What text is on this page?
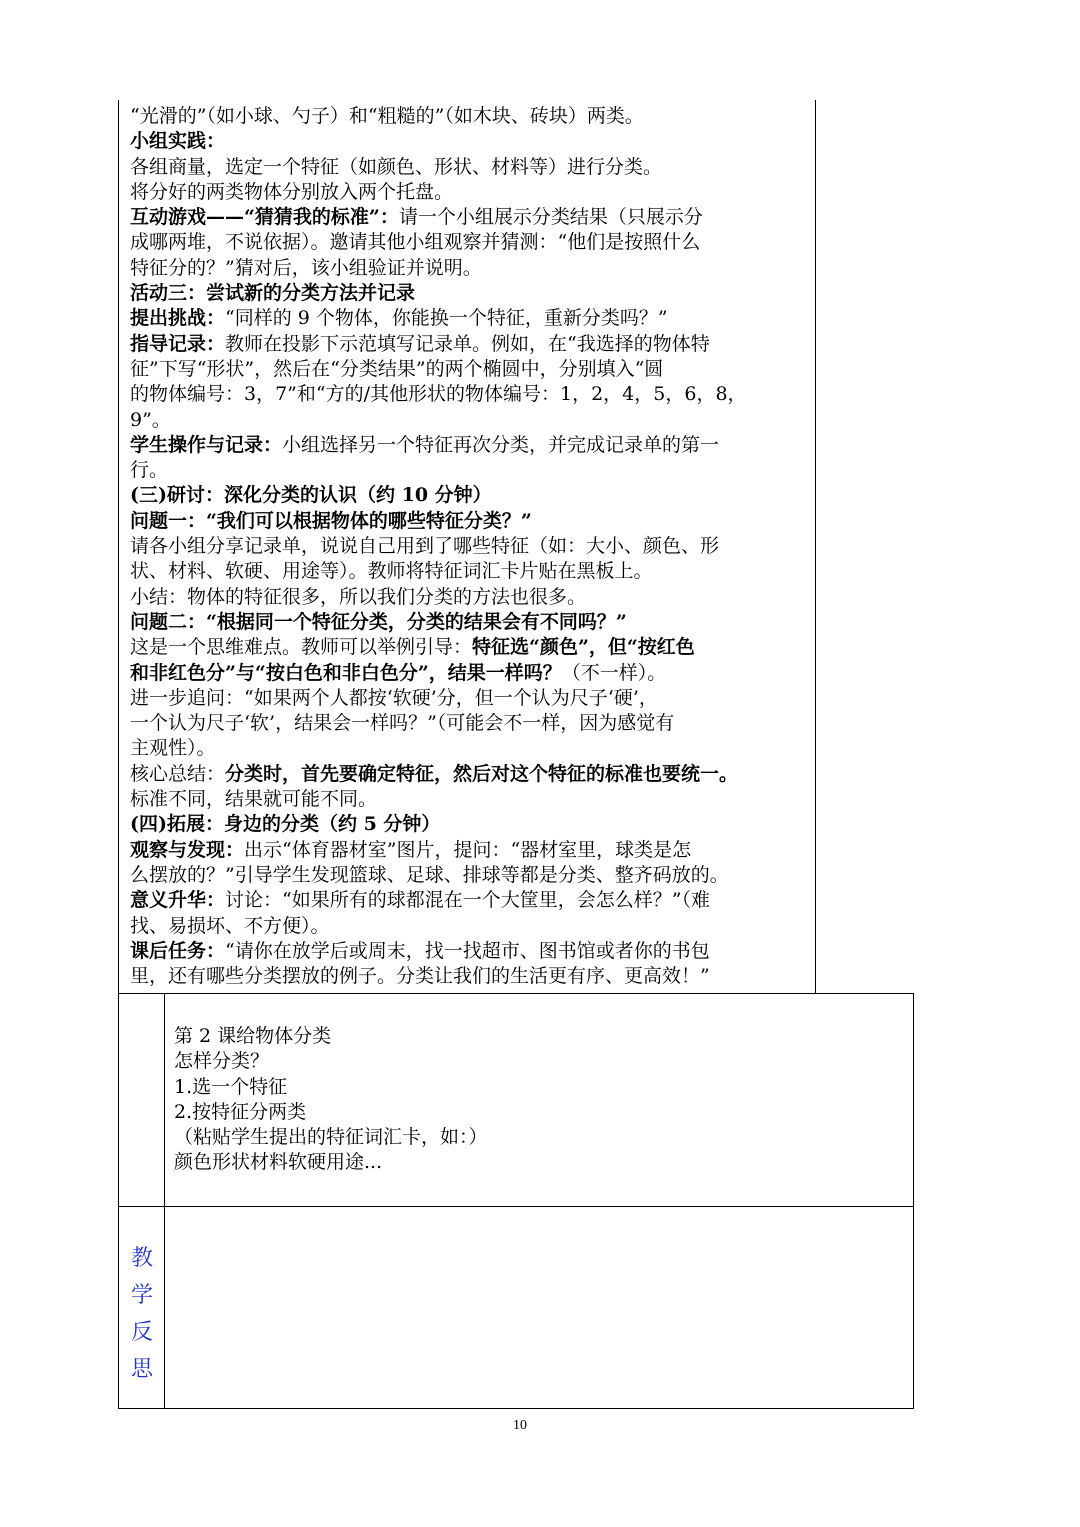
“光滑的”（如小球、勺子）和“粗糙的”（如木块、砖块）两类。
小组实践：
各组商量，选定一个特征（如颜色、形状、材料等）进行分类。
将分好的两类物体分别放入两个托盘。
互动游戏——“猜猜我的标准”：请一个小组展示分类结果（只展示分
成哪两堆，不说依据）。邀请其他小组观察并猜测：“他们是按照什么
特征分的？”猜对后，该小组验证并说明。
活动三：尝试新的分类方法并记录
提出挑战：“同样的 9 个物体，你能换一个特征，重新分类吗？”
指导记录：教师在投影下示范填写记录单。例如，在“我选择的物体特
征”下写“形状”，然后在“分类结果”的两个椭圆中，分别填入“圆
的物体编号：3，7”和“方的/其他形状的物体编号：1，2，4，5，6，8，
9”。
学生操作与记录：小组选择另一个特征再次分类，并完成记录单的第一
行。
(三)研讨：深化分类的认识（约 10 分钟）
问题一：“我们可以根据物体的哪些特征分类？”
请各小组分享记录单，说说自己用到了哪些特征（如：大小、颜色、形
状、材料、软硬、用途等）。教师将特征词汇卡片贴在黑板上。
小结：物体的特征很多，所以我们分类的方法也很多。
问题二：“根据同一个特征分类，分类的结果会有不同吗？”
这是一个思维难点。教师可以举例引导：特征选“颜色”，但“按红色
和非红色分”与“按白色和非白色分”，结果一样吗？（不一样）。
进一步追问：“如果两个人都按‘软硬’分，但一个认为尺子‘硬’，
一个认为尺子‘软’，结果会一样吗？”（可能会不一样，因为感觉有
主观性）。
核心总结：分类时，首先要确定特征，然后对这个特征的标准也要统一。
标准不同，结果就可能不同。
(四)拓展：身边的分类（约 5 分钟）
观察与发现：出示“体育器材室”图片，提问：“器材室里，球类是怎
么摆放的？”引导学生发现篮球、足球、排球等都是分类、整齐码放的。
意义升华：讨论：“如果所有的球都混在一个大筐里，会怎么样？”（难
找、易损坏、不方便）。
课后任务：“请你在放学后或周末，找一找超市、图书馆或者你的书包
里，还有哪些分类摆放的例子。分类让我们的生活更有序、更高效！”
第 2 课给物体分类
怎样分类？
1.选一个特征
2.按特征分两类
（粘贴学生提出的特征词汇卡，如：）
颜色形状材料软硬用途...
教
学
反
思
10
